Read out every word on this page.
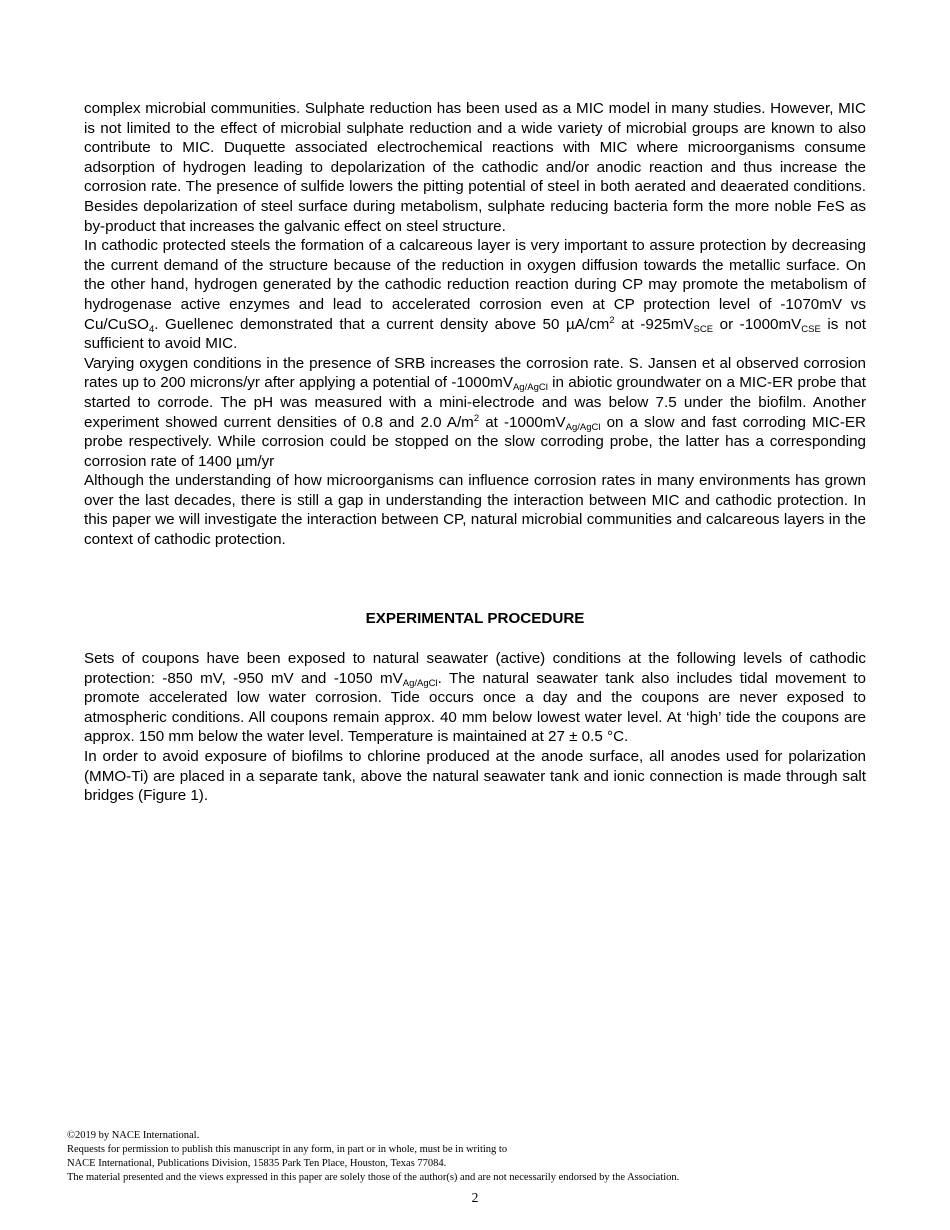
complex microbial communities. Sulphate reduction has been used as a MIC model in many studies. However, MIC is not limited to the effect of microbial sulphate reduction and a wide variety of microbial groups are known to also contribute to MIC. Duquette associated electrochemical reactions with MIC where microorganisms consume adsorption of hydrogen leading to depolarization of the cathodic and/or anodic reaction and thus increase the corrosion rate. The presence of sulfide lowers the pitting potential of steel in both aerated and deaerated conditions. Besides depolarization of steel surface during metabolism, sulphate reducing bacteria form the more noble FeS as by-product that increases the galvanic effect on steel structure.

In cathodic protected steels the formation of a calcareous layer is very important to assure protection by decreasing the current demand of the structure because of the reduction in oxygen diffusion towards the metallic surface. On the other hand, hydrogen generated by the cathodic reduction reaction during CP may promote the metabolism of hydrogenase active enzymes and lead to accelerated corrosion even at CP protection level of -1070mV vs Cu/CuSO$_4$. Guellenec demonstrated that a current density above 50 $\mu A/cm^2$ at $-925mV_{SCE}$ or $-1000mV_{CSE}$ is not sufficient to avoid MIC.

Varying oxygen conditions in the presence of SRB increases the corrosion rate. S. Jansen et al observed corrosion rates up to 200 microns/yr after applying a potential of $-1000mV_{Ag/AgCl}$ in abiotic groundwater on a MIC-ER probe that started to corrode. The pH was measured with a mini-electrode and was below 7.5 under the biofilm. Another experiment showed current densities of 0.8 and 2.0 $A/m^2$ at $-1000mV_{Ag/AgCl}$ on a slow and fast corroding MIC-ER probe respectively. While corrosion could be stopped on the slow corroding probe, the latter has a corresponding corrosion rate of 1400 µm/yr

Although the understanding of how microorganisms can influence corrosion rates in many environments has grown over the last decades, there is still a gap in understanding the interaction between MIC and cathodic protection. In this paper we will investigate the interaction between CP, natural microbial communities and calcareous layers in the context of cathodic protection.

EXPERIMENTAL PROCEDURE

Sets of coupons have been exposed to natural seawater (active) conditions at the following levels of cathodic protection: -850 mV, -950 mV and -1050 $mV_{Ag/AgCl}$. The natural seawater tank also includes tidal movement to promote accelerated low water corrosion. Tide occurs once a day and the coupons are never exposed to atmospheric conditions. All coupons remain approx. 40 mm below lowest water level. At ‘high’ tide the coupons are approx. 150 mm below the water level. Temperature is maintained at 27 ± 0.5 °C.

In order to avoid exposure of biofilms to chlorine produced at the anode surface, all anodes used for polarization (MMO-Ti) are placed in a separate tank, above the natural seawater tank and ionic connection is made through salt bridges (Figure 1).

©2019 by NACE International.
Requests for permission to publish this manuscript in any form, in part or in whole, must be in writing to
NACE International, Publications Division, 15835 Park Ten Place, Houston, Texas 77084.
The material presented and the views expressed in this paper are solely those of the author(s) and are not necessarily endorsed by the Association.
2
